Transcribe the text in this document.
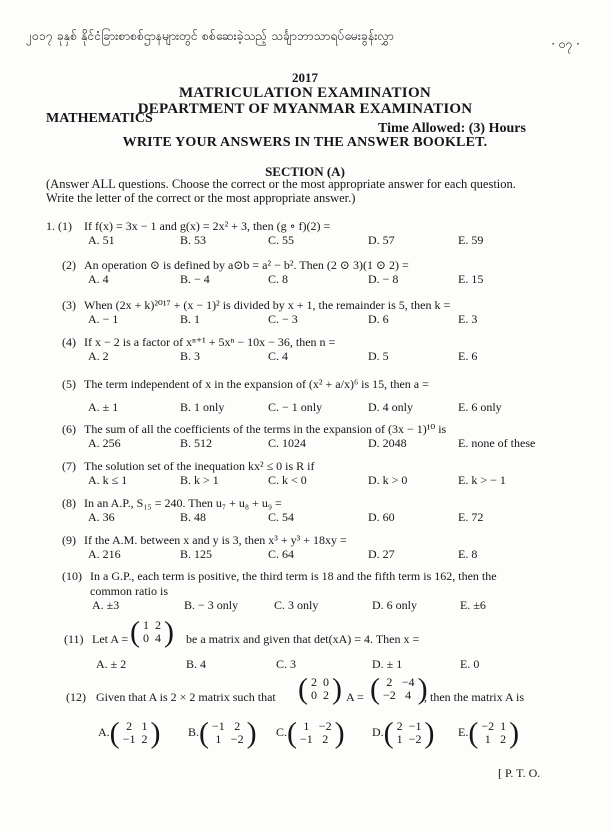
၂၀၁၇ ခုနှစ် နိုင်ငံခြားစာစစ်ဌာနများတွင် စစ်ဆေးခဲ့သည့် သင်္ချာဘာသာရပ်မေးခွန်းလွှာ
· ၀၇ ·
2017
MATRICULATION EXAMINATION
DEPARTMENT OF MYANMAR EXAMINATION
MATHEMATICS
Time Allowed: (3) Hours
WRITE YOUR ANSWERS IN THE ANSWER BOOKLET.
SECTION (A)
(Answer ALL questions. Choose the correct or the most appropriate answer for each question.
Write the letter of the correct or the most appropriate answer.)
1. (1) If f(x) = 3x − 1 and g(x) = 2x² + 3, then (g ∘ f)(2) =
A. 51	B. 53	C. 55	D. 57	E. 59
(2) An operation ⊙ is defined by a⊙b = a² − b². Then (2 ⊙ 3)(1 ⊙ 2) =
A. 4	B. − 4	C. 8	D. − 8	E. 15
(3) When (2x + k)²⁰¹⁷ + (x − 1)² is divided by x + 1, the remainder is 5, then k =
A. − 1	B. 1	C. − 3	D. 6	E. 3
(4) If x − 2 is a factor of xⁿ⁺¹ + 5xⁿ − 10x − 36, then n =
A. 2	B. 3	C. 4	D. 5	E. 6
(5) The term independent of x in the expansion of (x² + a/x)⁶ is 15, then a =
A. ± 1	B. 1 only	C. − 1 only	D. 4 only	E. 6 only
(6) The sum of all the coefficients of the terms in the expansion of (3x − 1)¹⁰ is
A. 256	B. 512	C. 1024	D. 2048	E. none of these
(7) The solution set of the inequation kx² ≤ 0 is R if
A. k ≤ 1	B. k > 1	C. k < 0	D. k > 0	E. k > − 1
(8) In an A.P., S₁₅ = 240. Then u₇ + u₈ + u₉ =
A. 36	B. 48	C. 54	D. 60	E. 72
(9) If the A.M. between x and y is 3, then x³ + y³ + 18xy =
A. 216	B. 125	C. 64	D. 27	E. 8
(10) In a G.P., each term is positive, the third term is 18 and the fifth term is 162, then the
common ratio is
A. ±3	B. − 3 only	C. 3 only	D. 6 only	E. ±6
(11) Let A = ( 1	2
0	4 ) be a matrix and given that det(xA) = 4. Then x =
A. ± 2	B. 4	C. 3	D. ± 1	E. 0
(12) Given that A is 2 × 2 matrix such that ( 2	0
0	2 ) A = ( 2	−4
−2	4 )
, then the matrix A is
A.( 2	1
−1	2 ) B.( −1	2
1	−2 ) C.( 1	−2
−1	2 ) D.( 2	−1
1	−2 ) E.( −2	1
1	2 )
[ P. T. O.
